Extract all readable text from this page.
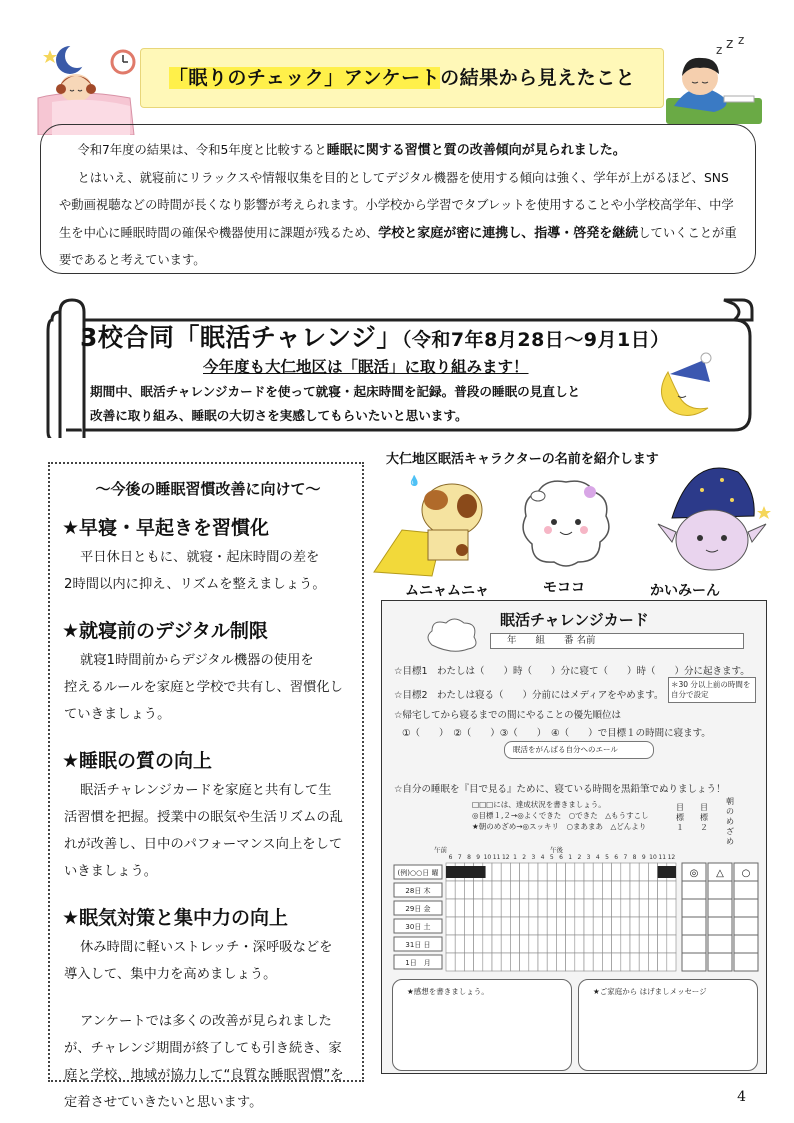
「眠りのチェック」アンケートの結果から見えたこと
z z z

令和7年度の結果は、令和5年度と比較すると睡眠に関する習慣と質の改善傾向が見られました。

とはいえ、就寝前にリラックスや情報収集を目的としてデジタル機器を使用する傾向は強く、学年が上がるほど、SNS や動画視聴などの時間が長くなり影響が考えられます。小学校から学習でタブレットを使用することや小学校高学年、中学生を中心に睡眠時間の確保や機器使用に課題が残るため、学校と家庭が密に連携し、指導・啓発を継続していくことが重要であると考えています。

3校合同「眠活チャレンジ」（令和7年8月28日～9月1日）
今年度も大仁地区は「眠活」に取り組みます！
期間中、眠活チャレンジカードを使って就寝・起床時間を記録。普段の睡眠の見直しと
改善に取り組み、睡眠の大切さを実感してもらいたいと思います。
～今後の睡眠習慣改善に向けて～
★早寝・早起きを習慣化
平日休日ともに、就寝・起床時間の差を
2時間以内に抑え、リズムを整えましょう。
★就寝前のデジタル制限
就寝1時間前からデジタル機器の使用を
控えるルールを家庭と学校で共有し、習慣化していきましょう。
★睡眠の質の向上
眠活チャレンジカードを家庭と共有して生
活習慣を把握。授業中の眠気や生活リズムの乱れが改善し、日中のパフォーマンス向上をしていきましょう。
★眠気対策と集中力の向上
休み時間に軽いストレッチ・深呼吸などを
導入して、集中力を高めましょう。
アンケートでは多くの改善が見られました
が、チャレンジ期間が終了しても引き続き、家庭と学校、地域が協力して“良質な睡眠習慣”を定着させていきたいと思います。
大仁地区眠活キャラクターの名前を紹介します
💧
ムニャムニャ	モココ	かいみーん
眠活チャレンジカード
年　　組　　番 名前
☆目標1　わたしは（　　）時（　　）分に寝て（　　）時（　　）分に起きます。
☆目標2　わたしは寝る（　　）分前にはメディアをやめます。
＊30 分以上前の時間を自分で設定
☆帰宅してから寝るまでの間にやることの優先順位は
①（　　）　②（　　）③（　　）　④（　　）で目標１の時間に寝ます。
眠活をがんばる自分へのエール
☆自分の睡眠を『目で見る』ために、寝ている時間を黒鉛筆でぬりましょう！
□□□には、達成状況を書きましょう。
◎目標１,２→◎よくできた　○できた　△もうすこし
★朝のめざめ→◎スッキリ　○まあまあ　△どんより
目標１
目標２
朝のめざめ
午前	午後
6 7 8 9 10 11 12 1 2 3 4 5 6 1 2 3 4 5 6 7 8 9 10 11 12
(例)○○日 曜
28日 木
29日 金
30日 土
31日 日
1日　月
◎ △ ○
★感想を書きましょう。	★ご家庭から はげましメッセージ
4
